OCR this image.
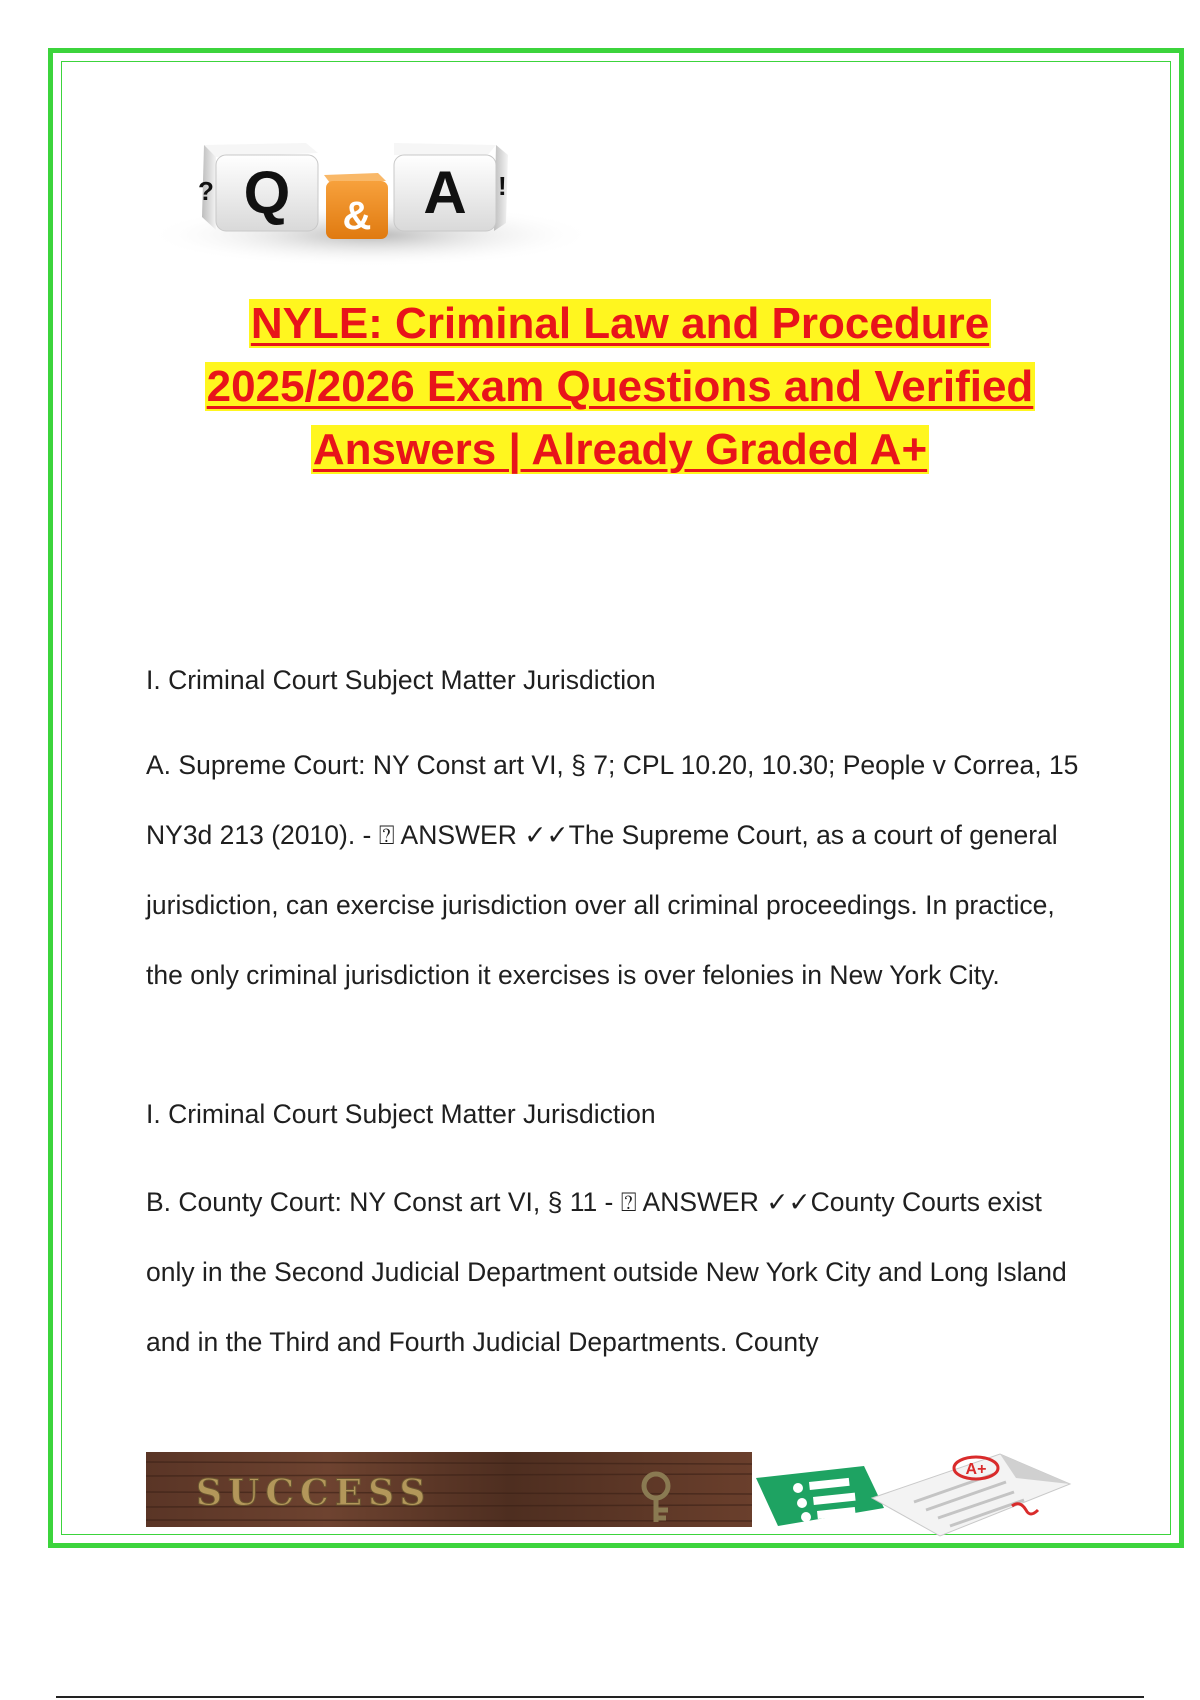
Q
?
& A !
NYLE: Criminal Law and Procedure
2025/2026 Exam Questions and Verified
Answers | Already Graded A+

I. Criminal Court Subject Matter Jurisdiction

A. Supreme Court: NY Const art VI, § 7; CPL 10.20, 10.30; People v Correa, 15 NY3d 213 (2010). - ⍰ ANSWER ✓✓The Supreme Court, as a court of general jurisdiction, can exercise jurisdiction over all criminal proceedings. In practice, the only criminal jurisdiction it exercises is over felonies in New York City.

I. Criminal Court Subject Matter Jurisdiction

B. County Court: NY Const art VI, § 11 - ⍰ ANSWER ✓✓County Courts exist only in the Second Judicial Department outside New York City and Long Island and in the Third and Fourth Judicial Departments. County

SUCCESS
A+
